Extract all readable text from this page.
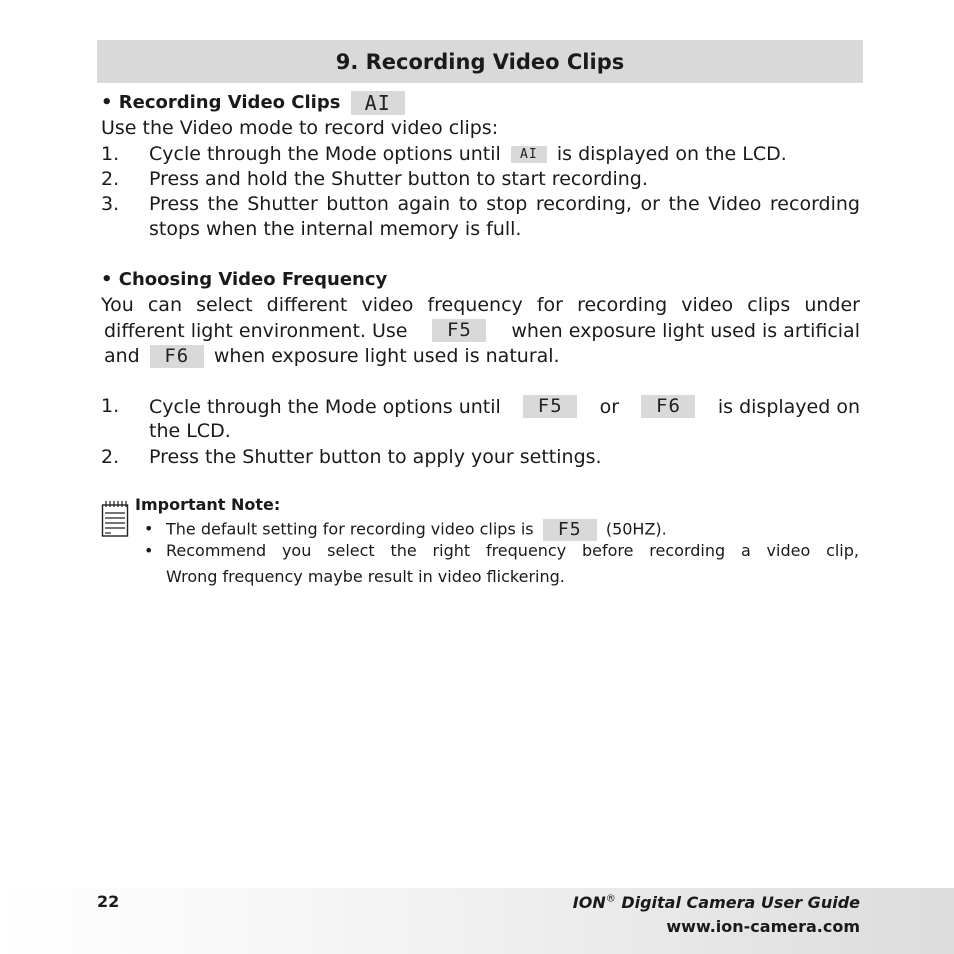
9. Recording Video Clips
• Recording Video Clips AI
Use the Video mode to record video clips:
1. Cycle through the Mode options until AI is displayed on the LCD.
2. Press and hold the Shutter button to start recording.
3. Press the Shutter button again to stop recording, or the Video recording
stops when the internal memory is full.
• Choosing Video Frequency
You can select different video frequency for recording video clips under
different light environment. Use	F5	when exposure light used is artificial
and F6 when exposure light used is natural.
1. Cycle through the Mode options until	F5	or	F6	is displayed on
the LCD.
2. Press the Shutter button to apply your settings.
Important Note:
• The default setting for recording video clips is F5 (50HZ).
• Recommend you select the right frequency before recording a video clip,
Wrong frequency maybe result in video flickering.
22	ION® Digital Camera User Guide
www.ion-camera.com
